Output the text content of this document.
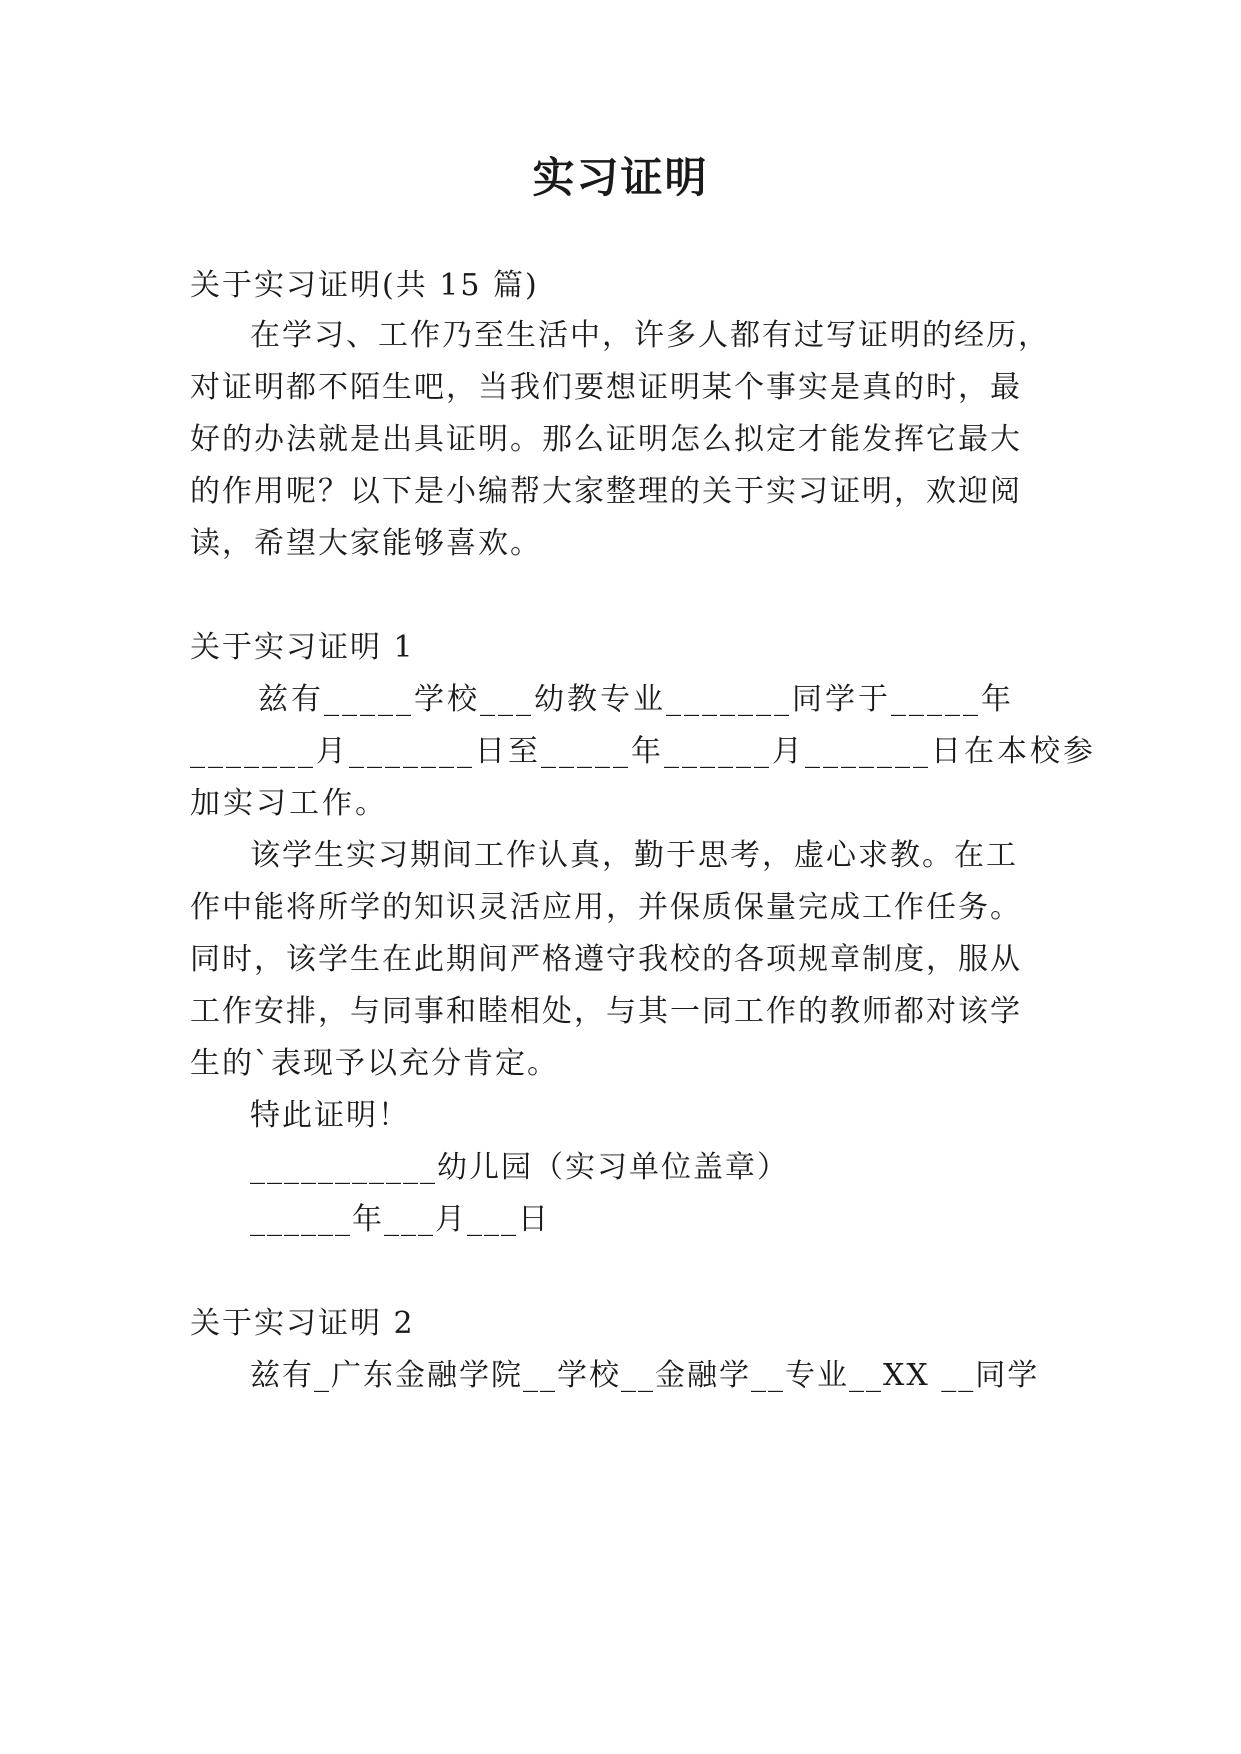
实习证明

关于实习证明(共 15 篇)

在学习、工作乃至生活中，许多人都有过写证明的经历，

对证明都不陌生吧，当我们要想证明某个事实是真的时，最

好的办法就是出具证明。那么证明怎么拟定才能发挥它最大

的作用呢？以下是小编帮大家整理的关于实习证明，欢迎阅

读，希望大家能够喜欢。

关于实习证明 1

兹有_____学校___幼教专业_______同学于_____年

_______月_______日至_____年______月_______日在本校参

加实习工作。

该学生实习期间工作认真，勤于思考，虚心求教。在工

作中能将所学的知识灵活应用，并保质保量完成工作任务。

同时，该学生在此期间严格遵守我校的各项规章制度，服从

工作安排，与同事和睦相处，与其一同工作的教师都对该学

生的`表现予以充分肯定。

特此证明！

___________幼儿园（实习单位盖章）

______年___月___日

关于实习证明 2

兹有_广东金融学院__学校__金融学__专业__XX __同学
